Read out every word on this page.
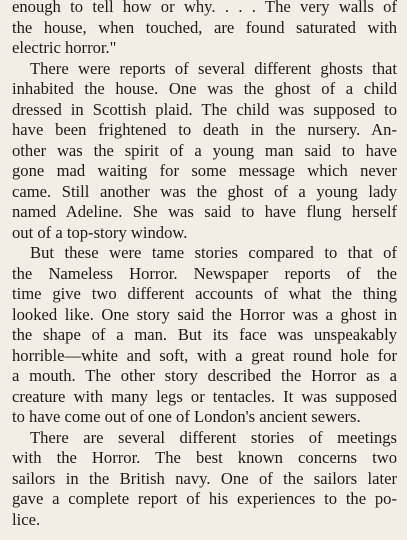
enough to tell how or why. . . . The very walls of
the house, when touched, are found saturated with
electric horror."
There were reports of several different ghosts that
inhabited the house. One was the ghost of a child
dressed in Scottish plaid. The child was supposed to
have been frightened to death in the nursery. An-
other was the spirit of a young man said to have
gone mad waiting for some message which never
came. Still another was the ghost of a young lady
named Adeline. She was said to have flung herself
out of a top-story window.
But these were tame stories compared to that of
the Nameless Horror. Newspaper reports of the
time give two different accounts of what the thing
looked like. One story said the Horror was a ghost in
the shape of a man. But its face was unspeakably
horrible—white and soft, with a great round hole for
a mouth. The other story described the Horror as a
creature with many legs or tentacles. It was supposed
to have come out of one of London's ancient sewers.
There are several different stories of meetings
with the Horror. The best known concerns two
sailors in the British navy. One of the sailors later
gave a complete report of his experiences to the po-
lice.
